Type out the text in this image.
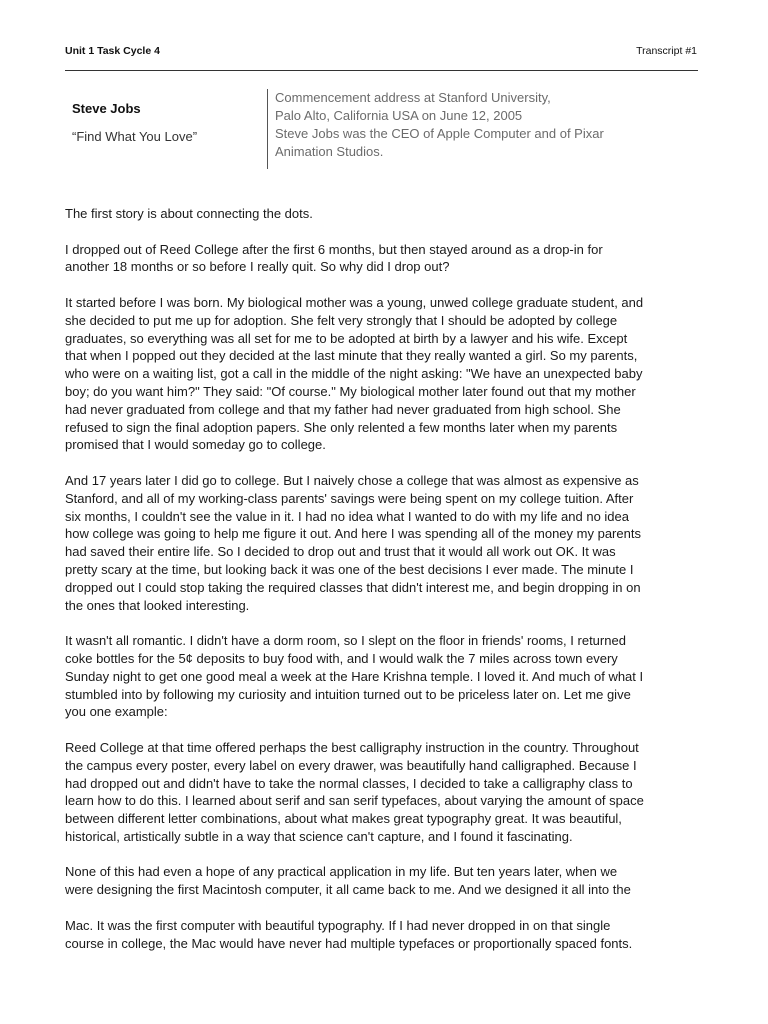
Unit 1 Task Cycle 4	Transcript #1
Steve Jobs
“Find What You Love”
Commencement address at Stanford University,
Palo Alto, California USA on June 12, 2005
Steve Jobs was the CEO of Apple Computer and of Pixar
Animation Studios.
The first story is about connecting the dots.
I dropped out of Reed College after the first 6 months, but then stayed around as a drop-in for
another 18 months or so before I really quit. So why did I drop out?
It started before I was born. My biological mother was a young, unwed college graduate student, and
she decided to put me up for adoption. She felt very strongly that I should be adopted by college
graduates, so everything was all set for me to be adopted at birth by a lawyer and his wife. Except
that when I popped out they decided at the last minute that they really wanted a girl. So my parents,
who were on a waiting list, got a call in the middle of the night asking: "We have an unexpected baby
boy; do you want him?" They said: "Of course." My biological mother later found out that my mother
had never graduated from college and that my father had never graduated from high school. She
refused to sign the final adoption papers. She only relented a few months later when my parents
promised that I would someday go to college.
And 17 years later I did go to college. But I naively chose a college that was almost as expensive as
Stanford, and all of my working-class parents' savings were being spent on my college tuition. After
six months, I couldn't see the value in it. I had no idea what I wanted to do with my life and no idea
how college was going to help me figure it out. And here I was spending all of the money my parents
had saved their entire life. So I decided to drop out and trust that it would all work out OK. It was
pretty scary at the time, but looking back it was one of the best decisions I ever made. The minute I
dropped out I could stop taking the required classes that didn't interest me, and begin dropping in on
the ones that looked interesting.
It wasn't all romantic. I didn't have a dorm room, so I slept on the floor in friends' rooms, I returned
coke bottles for the 5¢ deposits to buy food with, and I would walk the 7 miles across town every
Sunday night to get one good meal a week at the Hare Krishna temple. I loved it. And much of what I
stumbled into by following my curiosity and intuition turned out to be priceless later on. Let me give
you one example:
Reed College at that time offered perhaps the best calligraphy instruction in the country. Throughout
the campus every poster, every label on every drawer, was beautifully hand calligraphed. Because I
had dropped out and didn't have to take the normal classes, I decided to take a calligraphy class to
learn how to do this. I learned about serif and san serif typefaces, about varying the amount of space
between different letter combinations, about what makes great typography great. It was beautiful,
historical, artistically subtle in a way that science can't capture, and I found it fascinating.
None of this had even a hope of any practical application in my life. But ten years later, when we
were designing the first Macintosh computer, it all came back to me. And we designed it all into the
Mac. It was the first computer with beautiful typography. If I had never dropped in on that single
course in college, the Mac would have never had multiple typefaces or proportionally spaced fonts.
